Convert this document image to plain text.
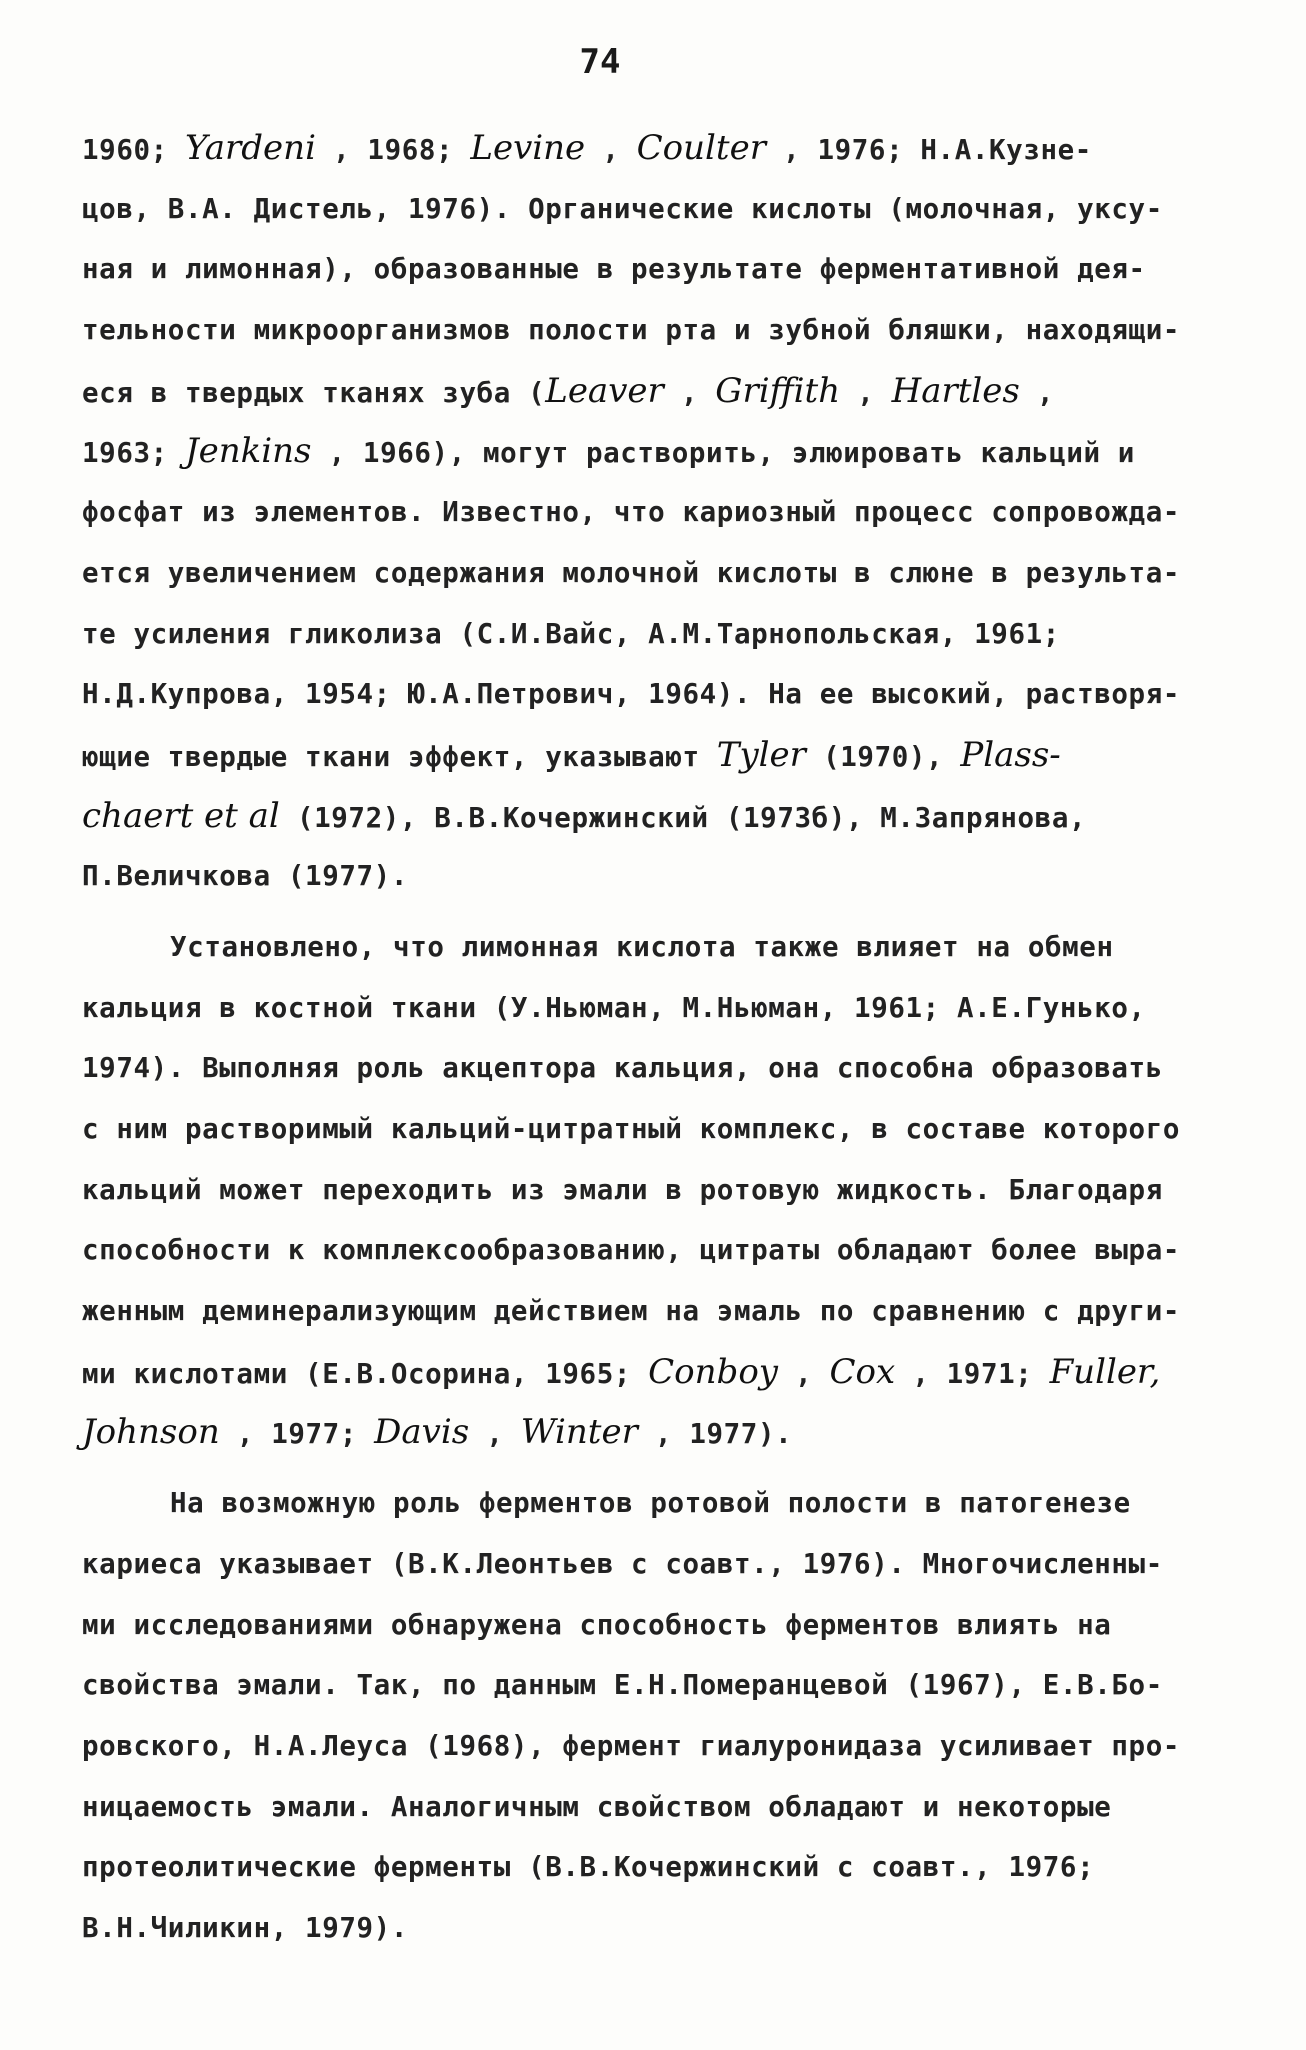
74
1960; Yardeni , 1968; Levine , Coulter , 1976; Н.А.Кузне-
цов, В.А. Дистель, 1976). Органические кислоты (молочная, уксу-
ная и лимонная), образованные в результате ферментативной дея-
тельности микроорганизмов полости рта и зубной бляшки, находящи-
еся в твердых тканях зуба (Leaver , Griffith , Hartles ,
1963; Jenkins , 1966), могут растворить, элюировать кальций и
фосфат из элементов. Известно, что кариозный процесс сопровожда-
ется увеличением содержания молочной кислоты в слюне в результа-
те усиления гликолиза (С.И.Вайс, А.М.Тарнопольская, 1961;
Н.Д.Купрова, 1954; Ю.А.Петрович, 1964). На ее высокий, растворя-
ющие твердые ткани эффект, указывают Tyler (1970), Plass-
chaert et al (1972), В.В.Кочержинский (1973б), М.Запрянова,
П.Величкова (1977).
Установлено, что лимонная кислота также влияет на обмен
кальция в костной ткани (У.Ньюман, М.Ньюман, 1961; А.Е.Гунько,
1974). Выполняя роль акцептора кальция, она способна образовать
с ним растворимый кальций-цитратный комплекс, в составе которого
кальций может переходить из эмали в ротовую жидкость. Благодаря
способности к комплексообразованию, цитраты обладают более выра-
женным деминерализующим действием на эмаль по сравнению с други-
ми кислотами (Е.В.Осорина, 1965; Conboy , Cox , 1971; Fuller,
Johnson , 1977; Davis , Winter , 1977).
На возможную роль ферментов ротовой полости в патогенезе
кариеса указывает (В.К.Леонтьев с соавт., 1976). Многочисленны-
ми исследованиями обнаружена способность ферментов влиять на
свойства эмали. Так, по данным Е.Н.Померанцевой (1967), Е.В.Бо-
ровского, Н.А.Леуса (1968), фермент гиалуронидаза усиливает про-
ницаемость эмали. Аналогичным свойством обладают и некоторые
протеолитические ферменты (В.В.Кочержинский с соавт., 1976;
В.Н.Чиликин, 1979).
